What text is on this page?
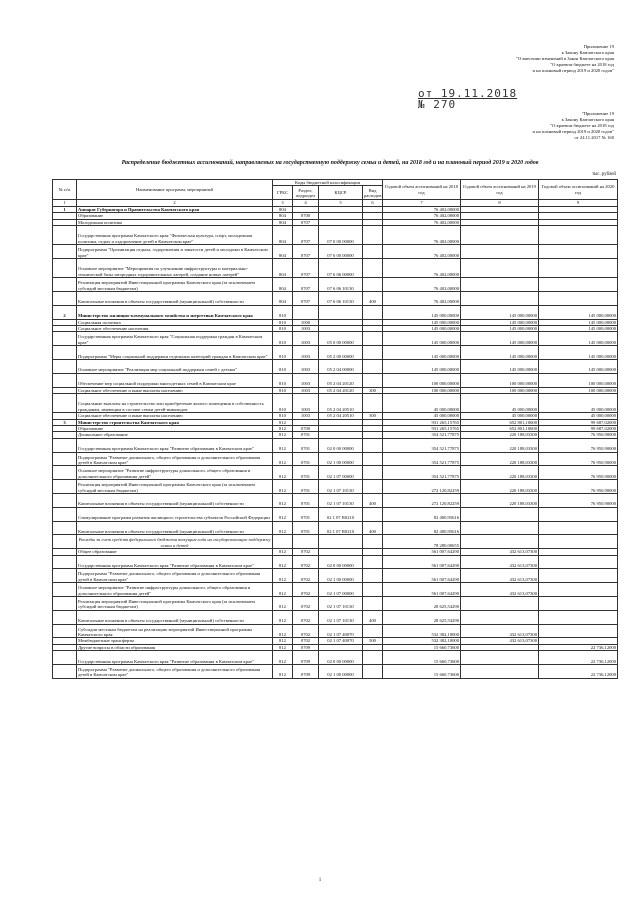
Приложение 19
к Закону Камчатского края
"О внесении изменений в Закон Камчатского края
"О краевом бюджете на 2018 год
и на плановый период 2019 и 2020 годов"
от 19.11.2018
№ 270
"Приложение 19
к Закону Камчатского края
"О краевом бюджете на 2018 год
и на плановый период 2019 и 2020 годов"
от 24.11.2017 № 160
Распределение бюджетных ассигнований, направляемых на государственную поддержку семьи и детей, на 2018 год и на плановый период 2019 и 2020 годов
тыс. рублей
№ п/п	Наименование программ, мероприятий	Коды бюджетной классификации				Годовой объем ассигнований на 2018 год	Годовой объем ассигнований на 2019 год	Годовой объем ассигнований на 2020 год
		ГРБС	Раздел, подраздел	КЦСР	Вид расходов			
1	2	3	4	5	6	7	8	9
1	Аппарат Губернатора и Правительства Камчатского края	804				76 402,00000		
	Образование	804	0700			76 402,00000		
	Молодежная политика	804	0707			76 402,00000		
	Государственная программа Камчатского края "Физическая культура, спорт, молодежная политика, отдых и оздоровление детей в Камчатском крае"	804	0707	07 0 00 00000		76 402,00000		
	Подпрограмма "Организация отдыха, оздоровления и занятости детей и молодежи в Камчатском крае"	804	0707	07 6 00 00000		76 402,00000		
	Основное мероприятие "Мероприятия по улучшению инфраструктуры и материально-технической базы загородных оздоровительных лагерей, создание новых лагерей"	804	0707	07 6 06 00000		76 402,00000		
	Реализация мероприятий Инвестиционной программы Камчатского края (за исключением субсидий местным бюджетам)	804	0707	07 6 06 10130		76 402,00000		
	Капитальные вложения в объекты государственной (муниципальной) собственности	804	0707	07 6 06 10130	400	76 402,00000		
2	Министерство жилищно-коммунального хозяйства и энергетики Камчатского края	810				145 000,00000	145 000,00000	145 000,00000
	Социальная политика	810	1000			145 000,00000	145 000,00000	145 000,00000
	Социальное обеспечение населения	810	1003			145 000,00000	145 000,00000	145 000,00000
	Государственная программа Камчатского края "Социальная поддержка граждан в Камчатском крае"	810	1003	05 0 00 00000		145 000,00000	145 000,00000	145 000,00000
	Подпрограмма "Меры социальной поддержки отдельных категорий граждан в Камчатском крае"	810	1003	05 2 00 00000		145 000,00000	145 000,00000	145 000,00000
	Основное мероприятие "Реализация мер социальной поддержки семей с детьми"	810	1003	05 2 04 00000		145 000,00000	145 000,00000	145 000,00000
	Обеспечение мер социальной поддержки многодетных семей в Камчатском крае	810	1003	05 2 04 20120		100 000,00000	100 000,00000	100 000,00000
	Социальное обеспечение и иные выплаты населению	810	1003	05 2 04 20120	300	100 000,00000	100 000,00000	100 000,00000
	Социальные выплаты на строительство или приобретение жилого помещения в собственность гражданам, имеющим в составе семьи детей-инвалидов	810	1003	05 2 04 20510		45 000,00000	45 000,00000	45 000,00000
	Социальное обеспечение и иные выплаты населению	810	1003	05 2 04 20510	300	45 000,00000	45 000,00000	45 000,00000
3	Министерство строительства Камчатского края	812				931 265,15765	652 801,10600	99 687,02000
	Образование	812	0700			931 265,15765	652 801,10600	99 687,02000
	Дошкольное образование	812	0701			354 521,77875	220 188,03300	76 950,90000
	Государственная программа Камчатского края "Развитие образования в Камчатском крае"	812	0701	02 0 00 00000		354 521,77875	220 188,03300	76 950,90000
	Подпрограмма "Развитие дошкольного, общего образования и дополнительного образования детей в Камчатском крае"	812	0701	02 1 00 00000		354 521,77875	220 188,03300	76 950,90000
	Основное мероприятие "Развитие инфраструктуры дошкольного, общего образования и дополнительного образования детей"	812	0701	02 1 07 00000		354 521,77875	220 188,03300	76 950,90000
	Реализация мероприятий Инвестиционной программы Камчатского края (за исключением субсидий местным бюджетам)	812	0701	02 1 07 10130		272 120,82259	220 188,03300	76 950,90000
	Капитальные вложения в объекты государственной (муниципальной) собственности	812	0701	02 1 07 10130	400	272 120,82259	220 188,03300	76 950,90000
	Стимулирование программ развития жилищного строительства субъектов Российской Федерации	812	0701	02 1 07 R0210		82 400,95616		
	Капитальные вложения в объекты государственной (муниципальной) собственности	812	0701	02 1 07 R0210	400	82 400,95616		
	Расходы за счет средств федерального бюджета текущим года на государственную поддержку семьи и детей					78 280,00655		
	Общее образование	812	0702			561 007,64290	432 613,07300	
	Государственная программа Камчатского края "Развитие образования в Камчатском крае"	812	0702	02 0 00 00000		561 007,64290	432 613,07300	
	Подпрограмма "Развитие дошкольного, общего образования и дополнительного образования детей в Камчатском крае"	812	0702	02 1 00 00000		561 007,64290	432 613,07300	
	Основное мероприятие "Развитие инфраструктуры дошкольного, общего образования и дополнительного образования детей"	812	0702	02 1 07 00000		561 007,64290	432 613,07300	
	Реализация мероприятий Инвестиционной программы Камчатского края (за исключением субсидий местным бюджетам)	812	0702	02 1 07 10130		28 625,54290		
	Капитальные вложения в объекты государственной (муниципальной) собственности	812	0702	02 1 07 10130	400	28 625,54290		
	Субсидии местным бюджетам на реализацию мероприятий Инвестиционной программы Камчатского края	812	0702	02 1 07 40070		532 382,10000	432 613,07300	
	Межбюджетные трансферты	812	0702	02 1 07 40070	500	532 382,10000	432 613,07300	
	Другие вопросы в области образования	812	0709			15 660,73600		22 736,12000
	Государственная программа Камчатского края "Развитие образования в Камчатском крае"	812	0709	02 0 00 00000		15 660,73600		22 736,12000
	Подпрограмма "Развитие дошкольного, общего образования и дополнительного образования детей в Камчатском крае"	812	0709	02 1 00 00000		15 660,73600		22 736,12000
1
